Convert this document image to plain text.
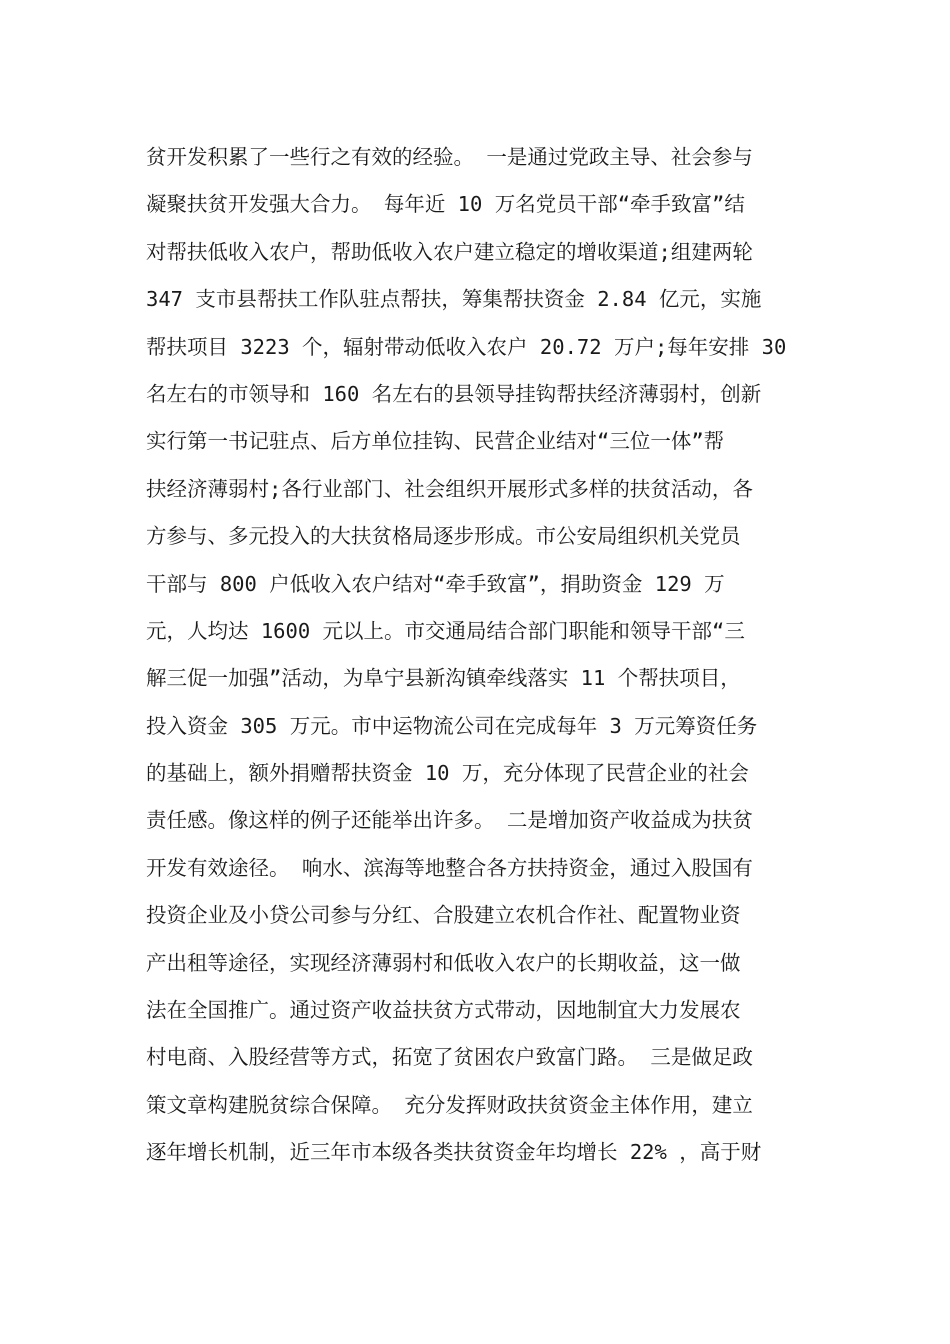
贫开发积累了一些行之有效的经验。 一是通过党政主导、社会参与
凝聚扶贫开发强大合力。 每年近 10 万名党员干部“牵手致富”结
对帮扶低收入农户，帮助低收入农户建立稳定的增收渠道;组建两轮
347 支市县帮扶工作队驻点帮扶，筹集帮扶资金 2.84 亿元，实施
帮扶项目 3223 个，辐射带动低收入农户 20.72 万户;每年安排 30
名左右的市领导和 160 名左右的县领导挂钩帮扶经济薄弱村，创新
实行第一书记驻点、后方单位挂钩、民营企业结对“三位一体”帮
扶经济薄弱村;各行业部门、社会组织开展形式多样的扶贫活动，各
方参与、多元投入的大扶贫格局逐步形成。市公安局组织机关党员
干部与 800 户低收入农户结对“牵手致富”，捐助资金 129 万
元，人均达 1600 元以上。市交通局结合部门职能和领导干部“三
解三促一加强”活动，为阜宁县新沟镇牵线落实 11 个帮扶项目，
投入资金 305 万元。市中运物流公司在完成每年 3 万元筹资任务
的基础上，额外捐赠帮扶资金 10 万，充分体现了民营企业的社会
责任感。像这样的例子还能举出许多。 二是增加资产收益成为扶贫
开发有效途径。 响水、滨海等地整合各方扶持资金，通过入股国有
投资企业及小贷公司参与分红、合股建立农机合作社、配置物业资
产出租等途径，实现经济薄弱村和低收入农户的长期收益，这一做
法在全国推广。通过资产收益扶贫方式带动，因地制宜大力发展农
村电商、入股经营等方式，拓宽了贫困农户致富门路。 三是做足政
策文章构建脱贫综合保障。 充分发挥财政扶贫资金主体作用，建立
逐年增长机制，近三年市本级各类扶贫资金年均增长 22% ，高于财
